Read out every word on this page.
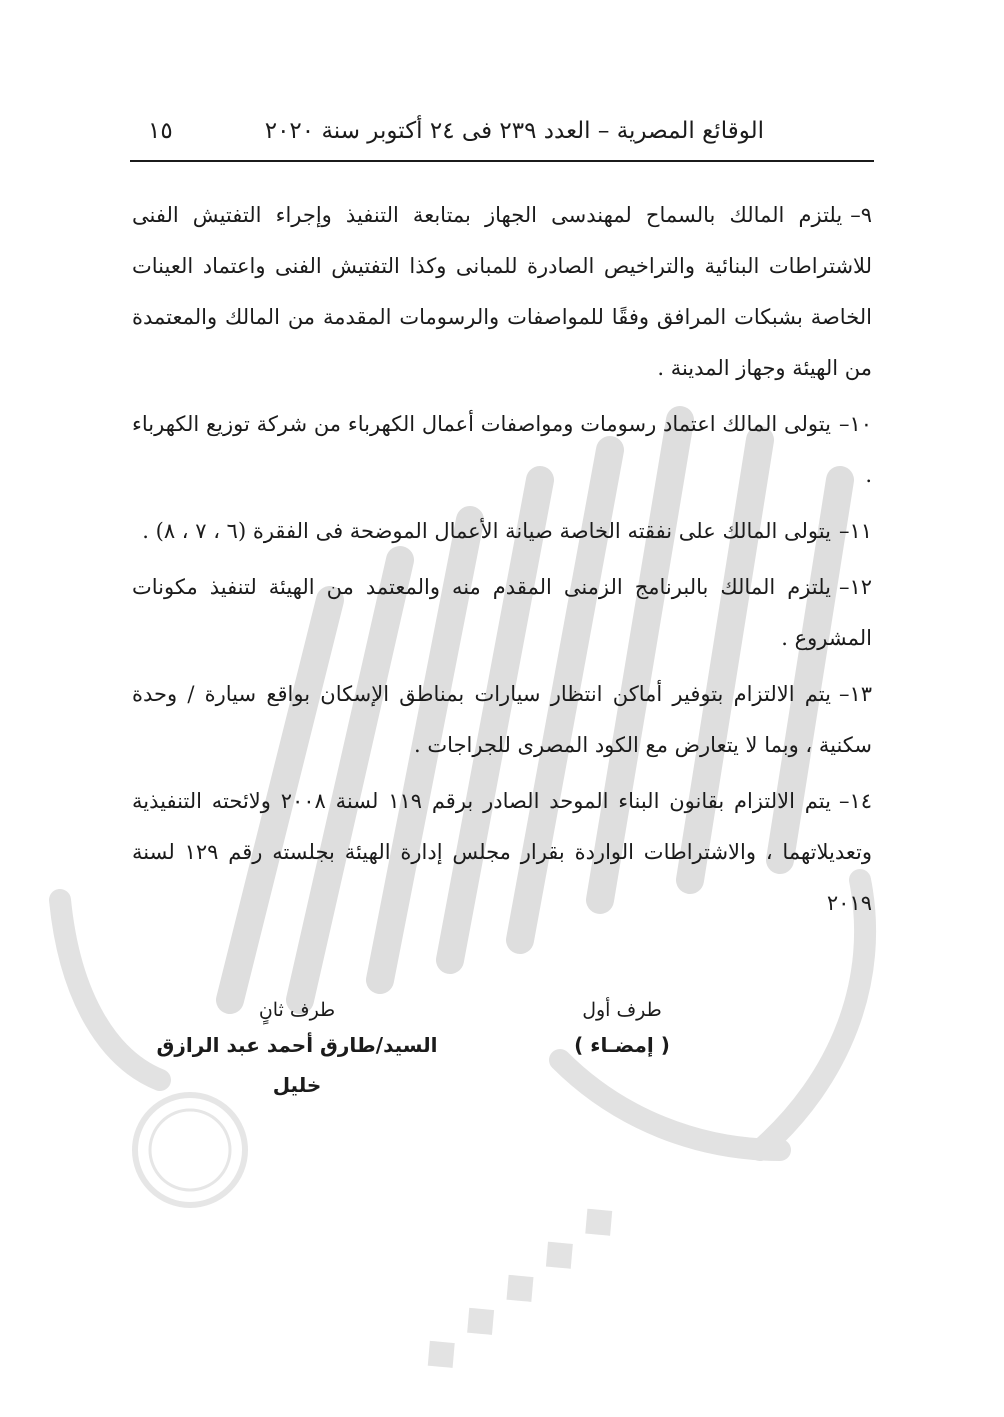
◆ ◆ ◆ ◆ ◆
الوقائع المصرية – العدد ٢٣٩ فى ٢٤ أكتوبر سنة ٢٠٢٠
١٥

٩–يلتزم المالك بالسماح لمهندسى الجهاز بمتابعة التنفيذ وإجراء التفتيش الفنى للاشتراطات البنائية والتراخيص الصادرة للمبانى وكذا التفتيش الفنى واعتماد العينات الخاصة بشبكات المرافق وفقًا للمواصفات والرسومات المقدمة من المالك والمعتمدة من الهيئة وجهاز المدينة .

١٠–يتولى المالك اعتماد رسومات ومواصفات أعمال الكهرباء من شركة توزيع الكهرباء .

١١–يتولى المالك على نفقته الخاصة صيانة الأعمال الموضحة فى الفقرة (٦ ، ٧ ، ٨) .

١٢–يلتزم المالك بالبرنامج الزمنى المقدم منه والمعتمد من الهيئة لتنفيذ مكونات المشروع .

١٣–يتم الالتزام بتوفير أماكن انتظار سيارات بمناطق الإسكان بواقع سيارة / وحدة سكنية ، وبما لا يتعارض مع الكود المصرى للجراجات .

١٤–يتم الالتزام بقانون البناء الموحد الصادر برقم ١١٩ لسنة ٢٠٠٨ ولائحته التنفيذية وتعديلاتهما ، والاشتراطات الواردة بقرار مجلس إدارة الهيئة بجلسته رقم ١٢٩ لسنة ٢٠١٩

طرف أول
( إمضـاء )
طرف ثانٍ
السيد/طارق أحمد عبد الرازق خليل
